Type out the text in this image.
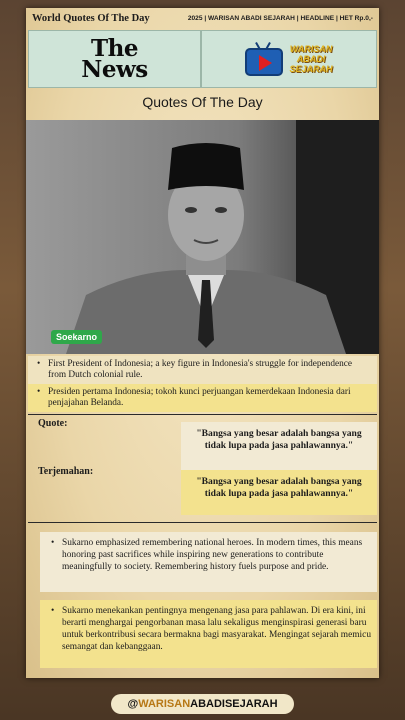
World Quotes Of The Day	2025 | WARISAN ABADI SEJARAH | HEADLINE | HET Rp.0,-
The
News
WARISAN
ABADI
SEJARAH
Quotes Of The Day
Soekarno
• First President of Indonesia; a key figure in Indonesia's struggle for independence from Dutch colonial rule.
• Presiden pertama Indonesia; tokoh kunci perjuangan kemerdekaan Indonesia dari penjajahan Belanda.
Quote:
"Bangsa yang besar adalah bangsa yang tidak lupa pada jasa pahlawannya."
Terjemahan:
"Bangsa yang besar adalah bangsa yang tidak lupa pada jasa pahlawannya."
• Sukarno emphasized remembering national heroes. In modern times, this means honoring past sacrifices while inspiring new generations to contribute meaningfully to society. Remembering history fuels purpose and pride.
• Sukarno menekankan pentingnya mengenang jasa para pahlawan. Di era kini, ini berarti menghargai pengorbanan masa lalu sekaligus menginspirasi generasi baru untuk berkontribusi secara bermakna bagi masyarakat. Mengingat sejarah memicu semangat dan kebanggaan.
@WARISANABADISEJARAH
